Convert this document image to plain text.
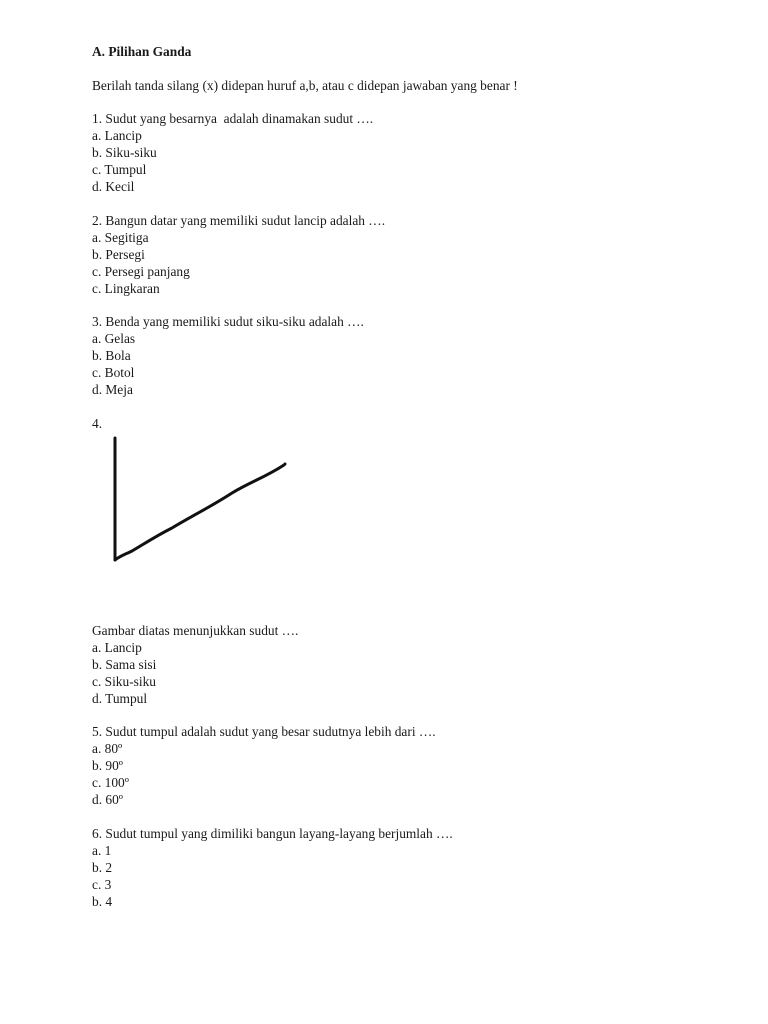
A. Pilihan Ganda

Berilah tanda silang (x) didepan huruf a,b, atau c didepan jawaban yang benar !

1. Sudut yang besarnya  adalah dinamakan sudut ….

a. Lancip

b. Siku-siku

c. Tumpul

d. Kecil

2. Bangun datar yang memiliki sudut lancip adalah ….

a. Segitiga

b. Persegi

c. Persegi panjang

c. Lingkaran

3. Benda yang memiliki sudut siku-siku adalah ….

a. Gelas

b. Bola

c. Botol

d. Meja

4.

Gambar diatas menunjukkan sudut ….

a. Lancip

b. Sama sisi

c. Siku-siku

d. Tumpul

5. Sudut tumpul adalah sudut yang besar sudutnya lebih dari ….

a. 80º

b. 90º

c. 100º

d. 60º

6. Sudut tumpul yang dimiliki bangun layang-layang berjumlah ….

a. 1

b. 2

c. 3

b. 4
